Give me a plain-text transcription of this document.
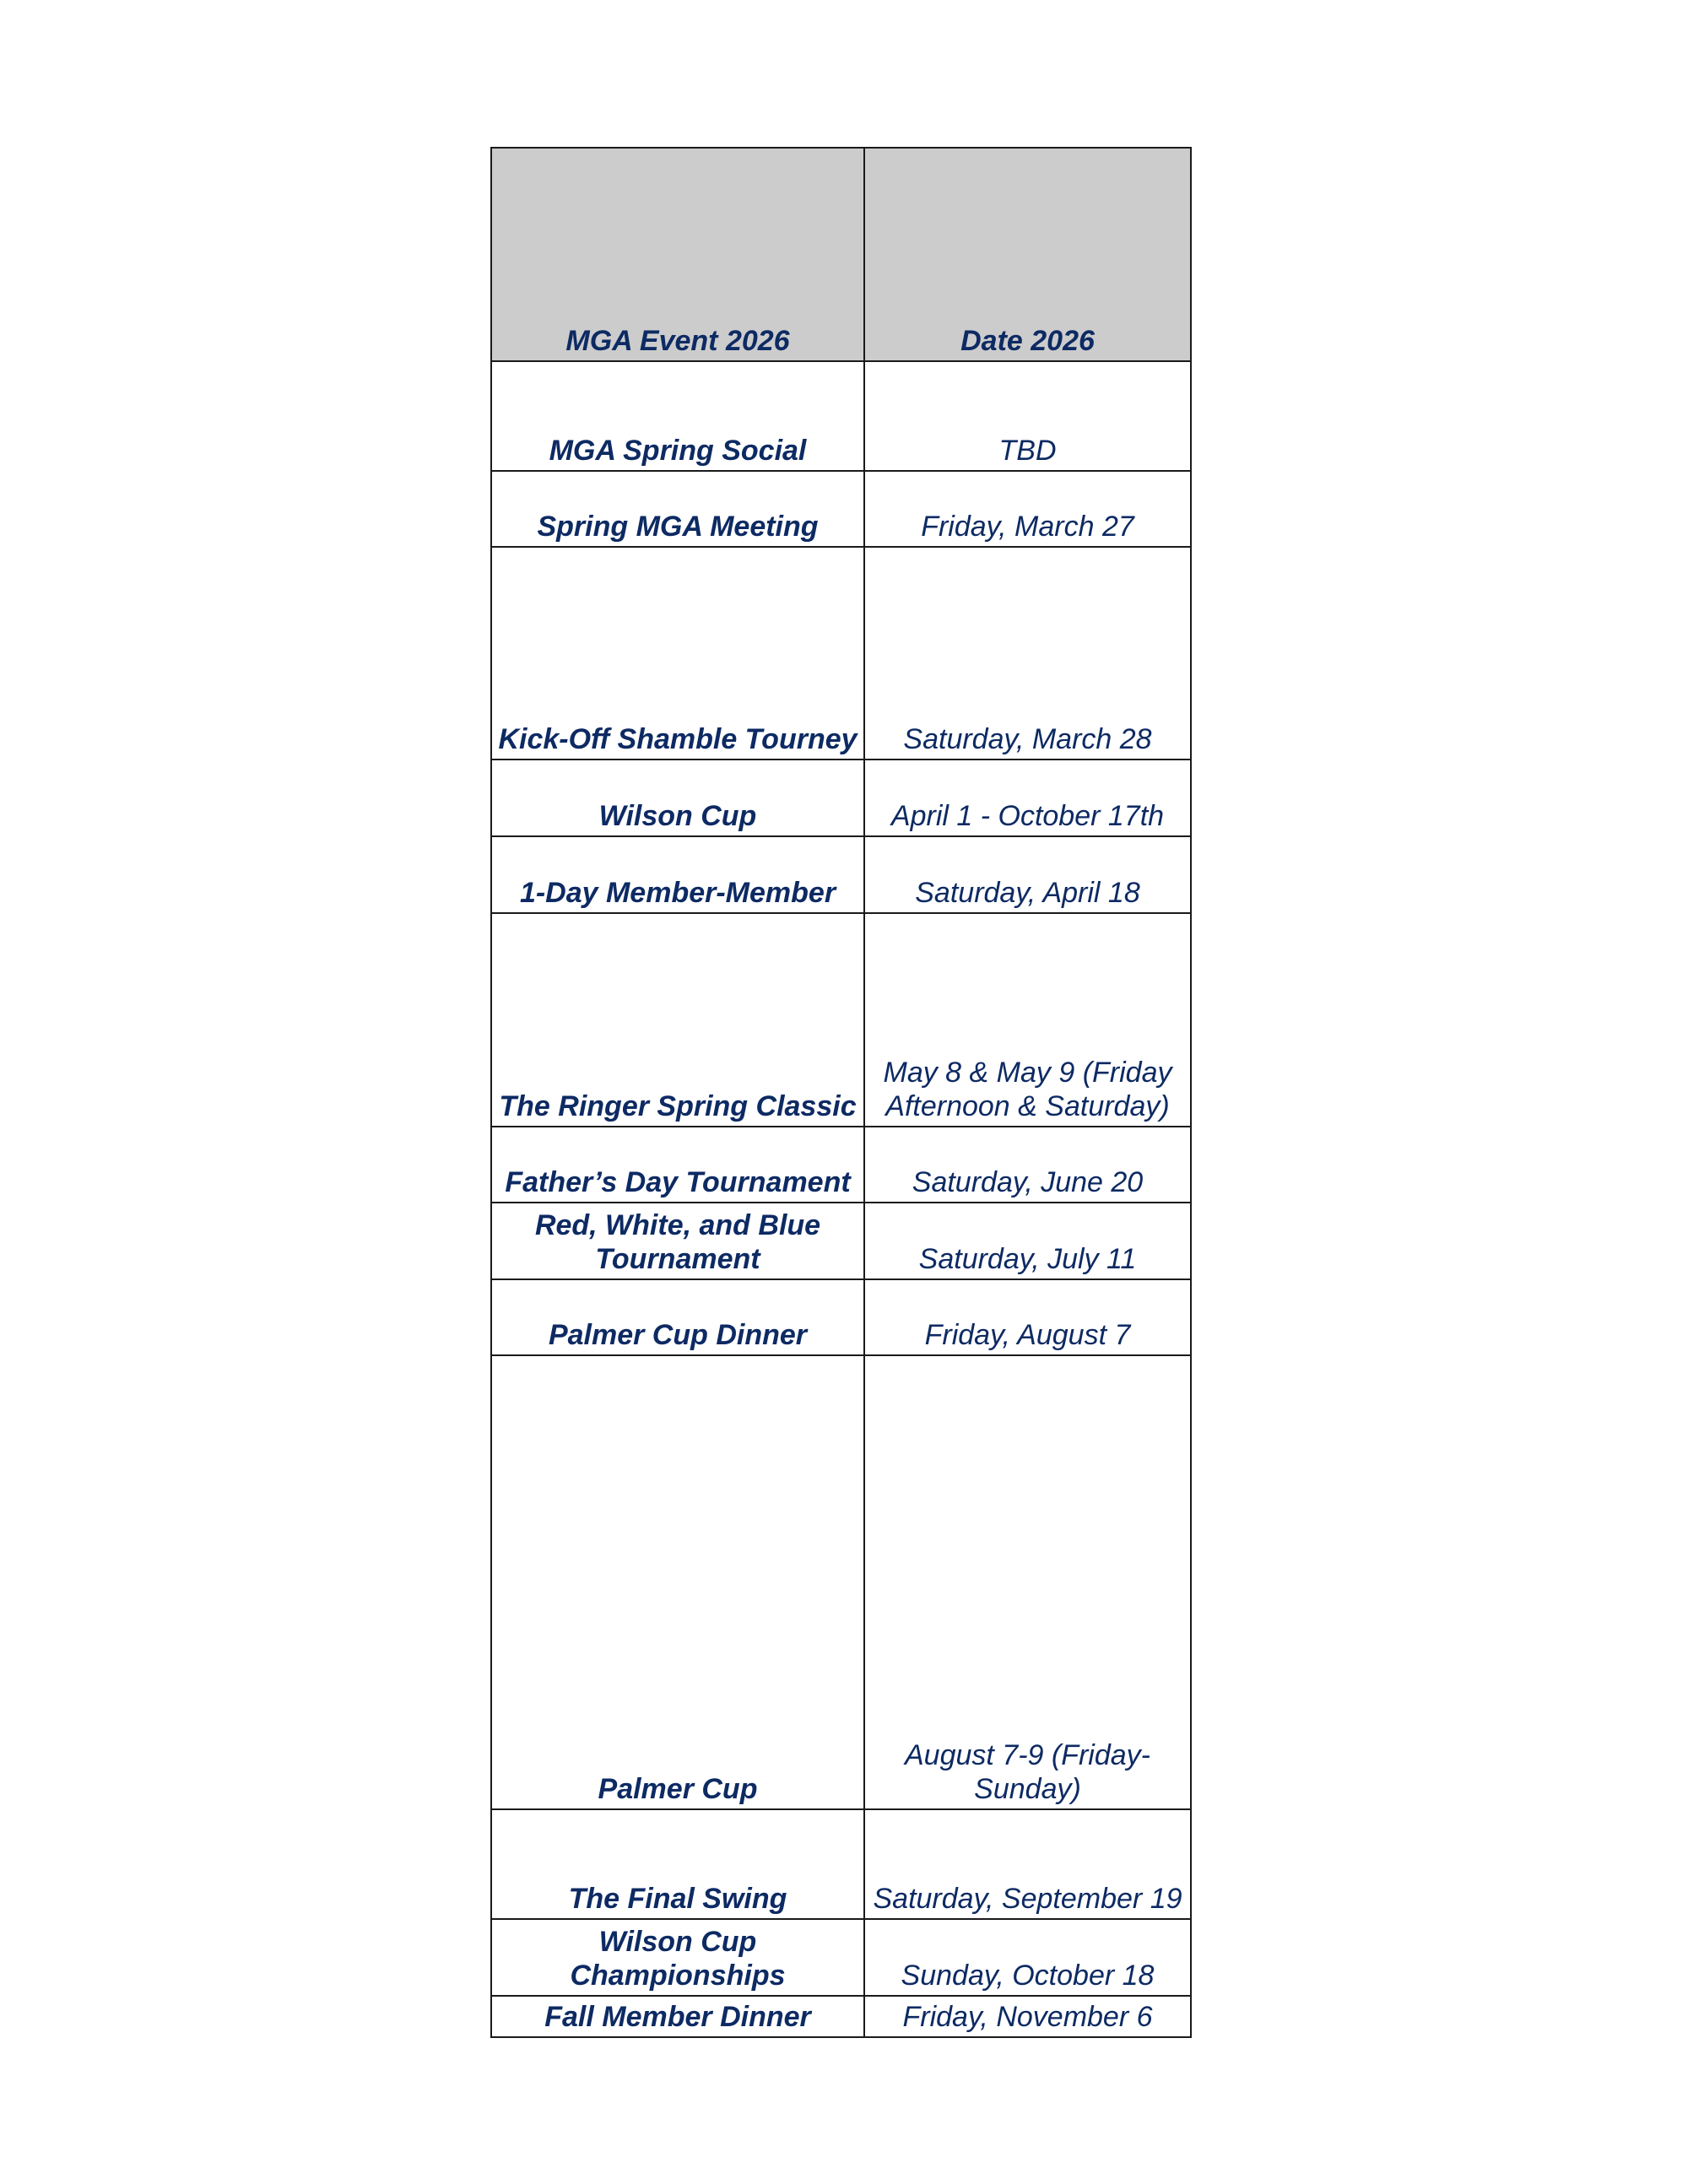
MGA Event 2026	Date 2026
MGA Spring Social	TBD
Spring MGA Meeting	Friday, March 27
Kick-Off Shamble Tourney	Saturday, March 28
Wilson Cup	April 1 - October 17th
1-Day Member-Member	Saturday, April 18
The Ringer Spring Classic	May 8 & May 9 (Friday Afternoon & Saturday)
Father’s Day Tournament	Saturday, June 20
Red, White, and Blue Tournament	Saturday, July 11
Palmer Cup Dinner	Friday, August 7
Palmer Cup	August 7-9 (Friday-Sunday)
The Final Swing	Saturday, September 19
Wilson Cup Championships	Sunday, October 18
Fall Member Dinner	Friday, November 6
